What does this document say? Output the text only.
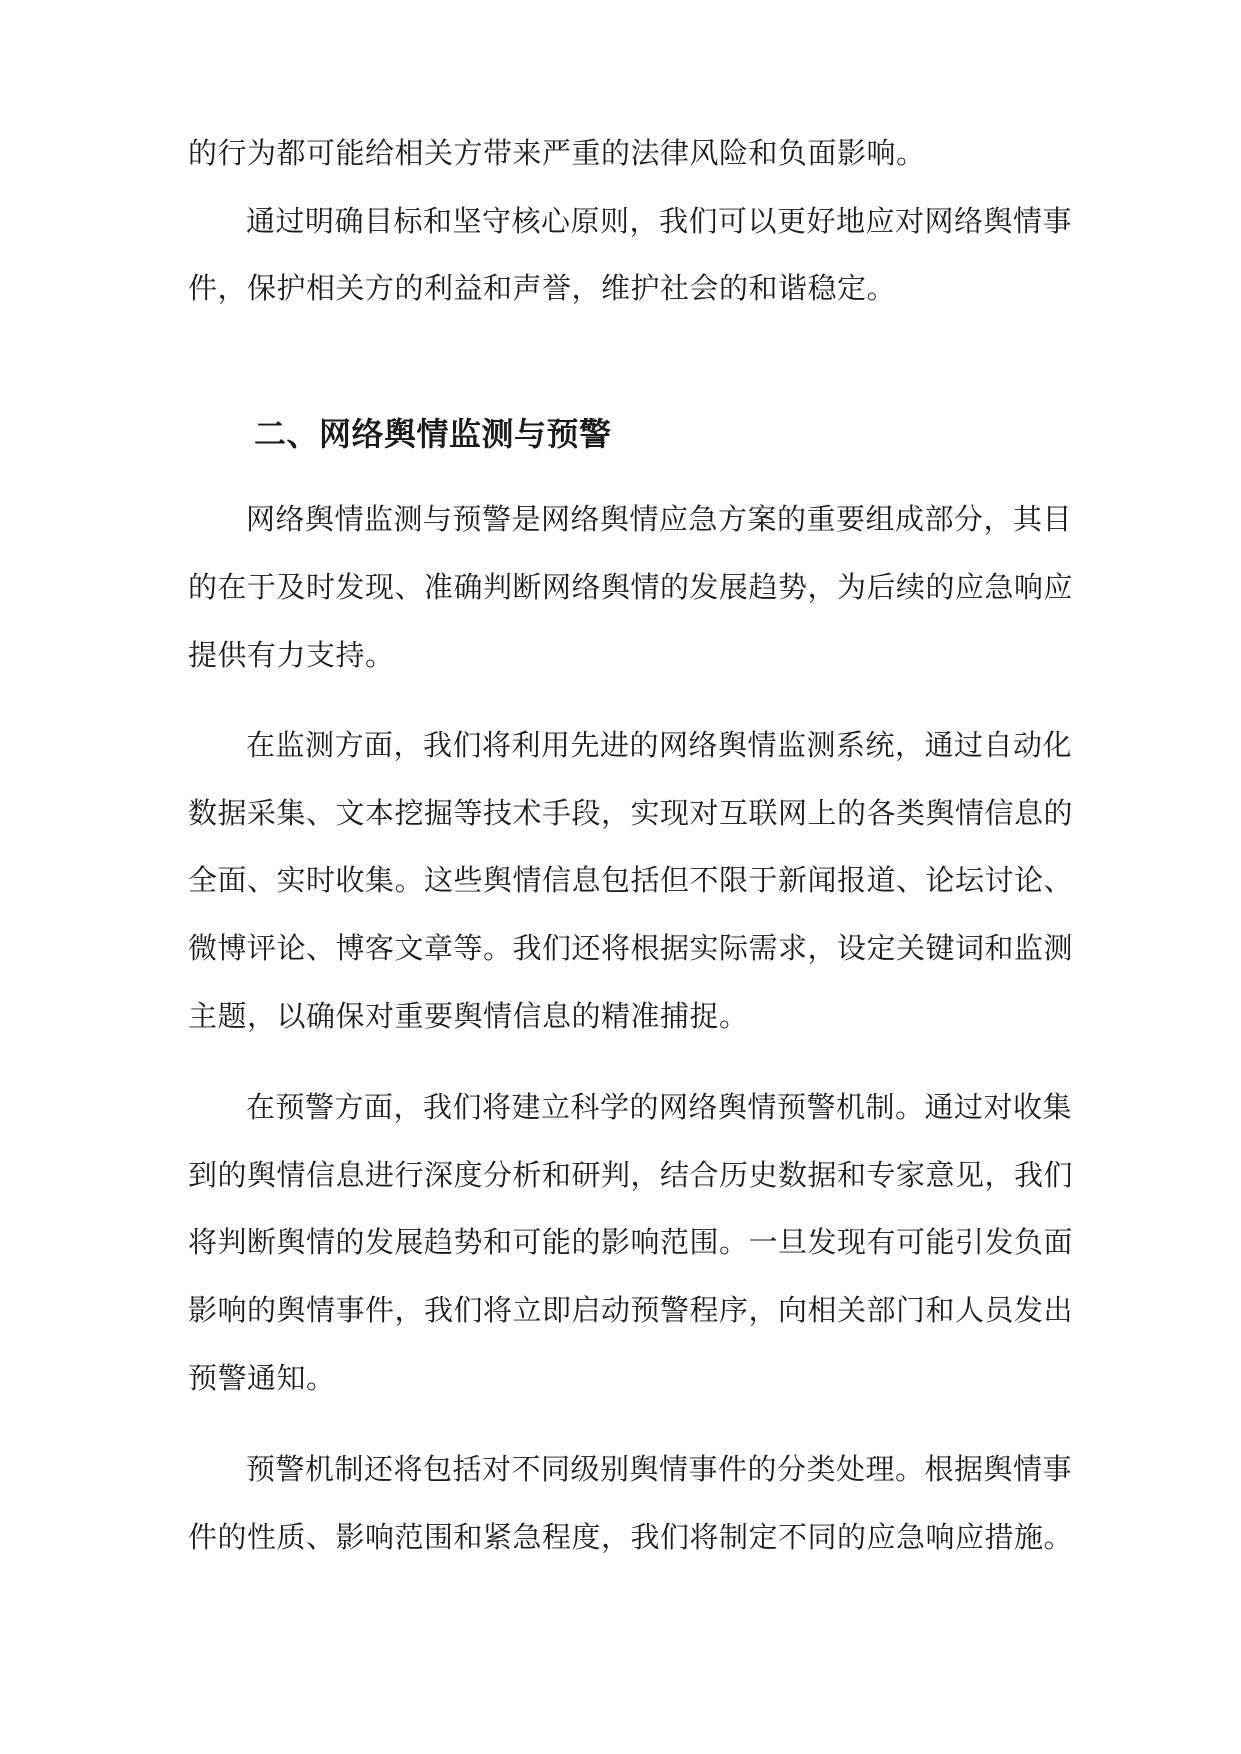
的行为都可能给相关方带来严重的法律风险和负面影响。
通过明确目标和坚守核心原则，我们可以更好地应对网络舆情事
件，保护相关方的利益和声誉，维护社会的和谐稳定。
二、网络舆情监测与预警
网络舆情监测与预警是网络舆情应急方案的重要组成部分，其目
的在于及时发现、准确判断网络舆情的发展趋势，为后续的应急响应
提供有力支持。
在监测方面，我们将利用先进的网络舆情监测系统，通过自动化
数据采集、文本挖掘等技术手段，实现对互联网上的各类舆情信息的
全面、实时收集。这些舆情信息包括但不限于新闻报道、论坛讨论、
微博评论、博客文章等。我们还将根据实际需求，设定关键词和监测
主题，以确保对重要舆情信息的精准捕捉。
在预警方面，我们将建立科学的网络舆情预警机制。通过对收集
到的舆情信息进行深度分析和研判，结合历史数据和专家意见，我们
将判断舆情的发展趋势和可能的影响范围。一旦发现有可能引发负面
影响的舆情事件，我们将立即启动预警程序，向相关部门和人员发出
预警通知。
预警机制还将包括对不同级别舆情事件的分类处理。根据舆情事
件的性质、影响范围和紧急程度，我们将制定不同的应急响应措施。
